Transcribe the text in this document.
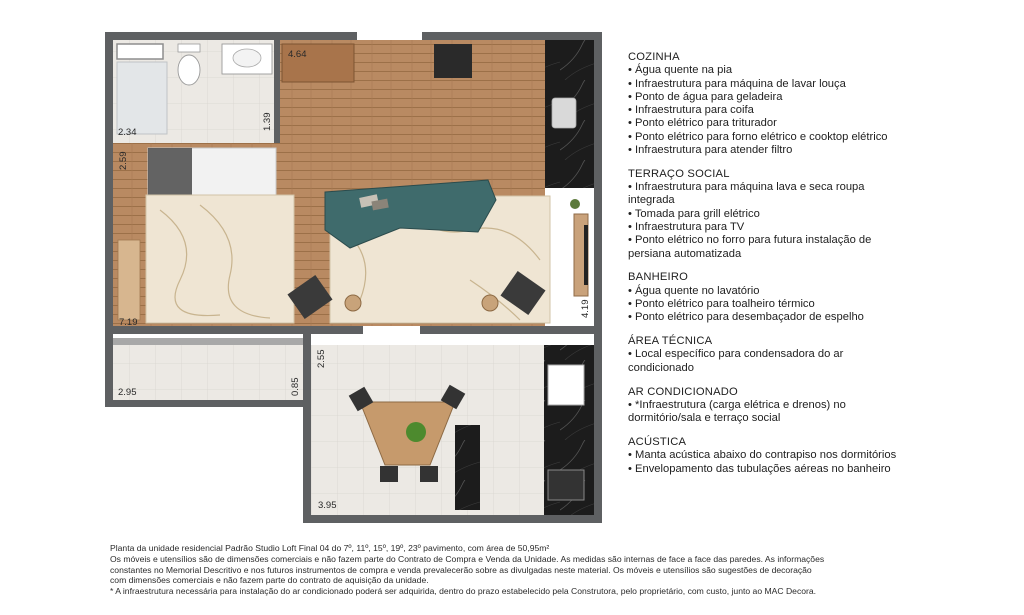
4.64
2.34
1.39
2.59
7.19
4.19
2.95	0.85
2.55
3.95
COZINHA
• Água quente na pia
• Infraestrutura para máquina de lavar louça
• Ponto de água para geladeira
• Infraestrutura para coifa
• Ponto elétrico para triturador
• Ponto elétrico para forno elétrico e cooktop elétrico
• Infraestrutura para atender filtro
TERRAÇO SOCIAL
• Infraestrutura para máquina lava e seca roupa
integrada
• Tomada para grill elétrico
• Infraestrutura para TV
• Ponto elétrico no forro para futura instalação de
persiana automatizada
BANHEIRO
• Água quente no lavatório
• Ponto elétrico para toalheiro térmico
• Ponto elétrico para desembaçador de espelho
ÁREA TÉCNICA
• Local específico para condensadora do ar
condicionado
AR CONDICIONADO
• *Infraestrutura (carga elétrica e drenos) no
dormitório/sala e terraço social
ACÚSTICA
• Manta acústica abaixo do contrapiso nos dormitórios
• Envelopamento das tubulações aéreas no banheiro
Planta da unidade residencial Padrão Studio Loft Final 04 do 7º, 11º, 15º, 19º, 23º pavimento, com área de 50,95m²
Os móveis e utensílios são de dimensões comerciais e não fazem parte do Contrato de Compra e Venda da Unidade. As medidas são internas de face a face das paredes. As informações
constantes no Memorial Descritivo e nos futuros instrumentos de compra e venda prevalecerão sobre as divulgadas neste material. Os móveis e utensílios são sugestões de decoração
com dimensões comerciais e não fazem parte do contrato de aquisição da unidade.
* A infraestrutura necessária para instalação do ar condicionado poderá ser adquirida, dentro do prazo estabelecido pela Construtora, pelo proprietário, com custo, junto ao MAC Decora.
